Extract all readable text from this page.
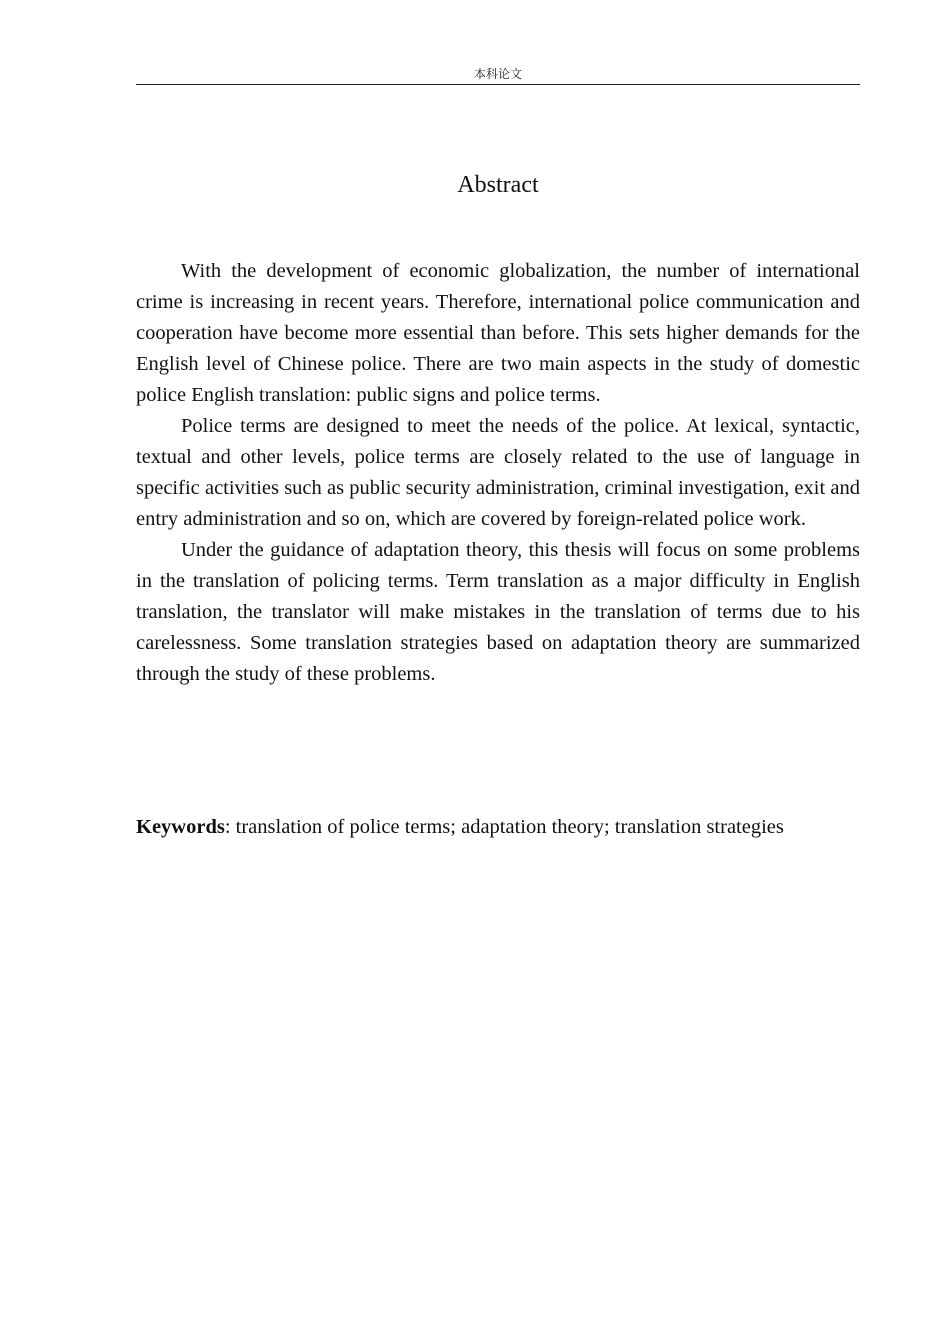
本科论文
Abstract

With the development of economic globalization, the number of international crime is increasing in recent years. Therefore, international police communication and cooperation have become more essential than before. This sets higher demands for the English level of Chinese police. There are two main aspects in the study of domestic police English translation: public signs and police terms.

Police terms are designed to meet the needs of the police. At lexical, syntactic, textual and other levels, police terms are closely related to the use of language in specific activities such as public security administration, criminal investigation, exit and entry administration and so on, which are covered by foreign-related police work.

Under the guidance of adaptation theory, this thesis will focus on some problems in the translation of policing terms. Term translation as a major difficulty in English translation, the translator will make mistakes in the translation of terms due to his carelessness. Some translation strategies based on adaptation theory are summarized through the study of these problems.

Keywords: translation of police terms; adaptation theory; translation strategies
